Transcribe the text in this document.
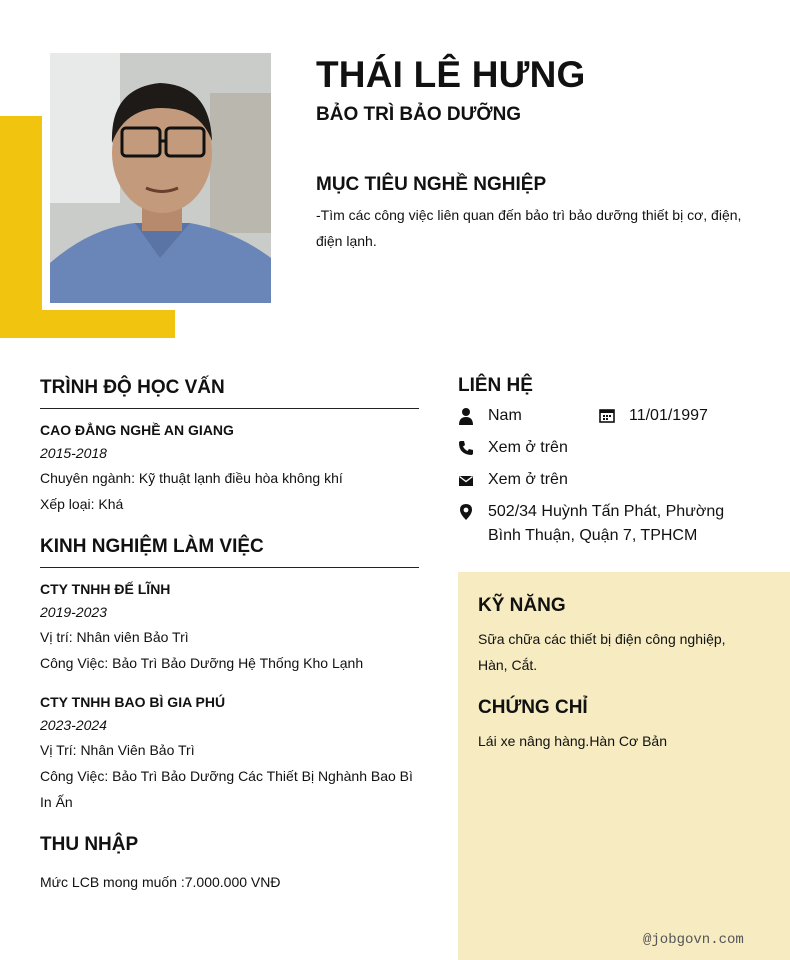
THÁI LÊ HƯNG
BẢO TRÌ BẢO DƯỠNG
MỤC TIÊU NGHỀ NGHIỆP
-Tìm các công việc liên quan đến bảo trì bảo dưỡng thiết bị cơ, điện, điện lạnh.
TRÌNH ĐỘ HỌC VẤN
CAO ĐẲNG NGHỀ AN GIANG
2015-2018
Chuyên ngành: Kỹ thuật lạnh điều hòa không khí
Xếp loại: Khá
KINH NGHIỆM LÀM VIỆC
CTY TNHH ĐẾ LĨNH
2019-2023
Vị trí: Nhân viên Bảo Trì
Công Việc: Bảo Trì Bảo Dưỡng Hệ Thống Kho Lạnh
CTY TNHH BAO BÌ GIA PHÚ
2023-2024
Vị Trí: Nhân Viên Bảo Trì
Công Việc: Bảo Trì Bảo Dưỡng Các Thiết Bị Nghành Bao Bì In Ấn
THU NHẬP
Mức LCB mong muốn :7.000.000 VNĐ
LIÊN HỆ
Nam	11/01/1997
Xem ở trên
Xem ở trên
502/34 Huỳnh Tấn Phát, Phường Bình Thuận, Quận 7, TPHCM
KỸ NĂNG
Sữa chữa các thiết bị điện công nghiệp, Hàn, Cắt.
CHỨNG CHỈ
Lái xe nâng hàng.Hàn Cơ Bản
@jobgovn.com
